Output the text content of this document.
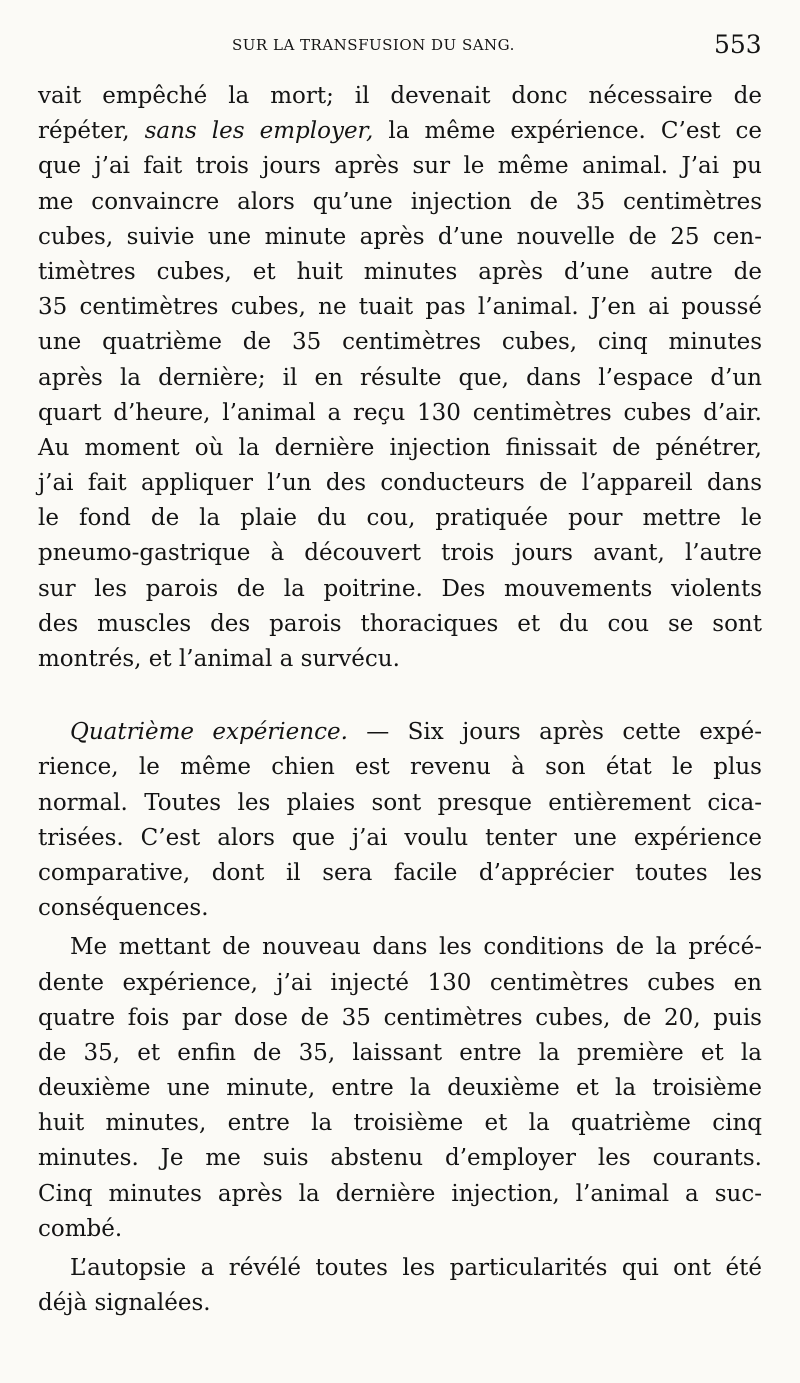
SUR LA TRANSFUSION DU SANG.	553
vait empêché la mort; il devenait donc nécessaire de
répéter, sans les employer, la même expérience. C’est ce
que j’ai fait trois jours après sur le même animal. J’ai pu
me convaincre alors qu’une injection de 35 centimètres
cubes, suivie une minute après d’une nouvelle de 25 cen-
timètres cubes, et huit minutes après d’une autre de
35 centimètres cubes, ne tuait pas l’animal. J’en ai poussé
une quatrième de 35 centimètres cubes, cinq minutes
après la dernière; il en résulte que, dans l’espace d’un
quart d’heure, l’animal a reçu 130 centimètres cubes d’air.
Au moment où la dernière injection finissait de pénétrer,
j’ai fait appliquer l’un des conducteurs de l’appareil dans
le fond de la plaie du cou, pratiquée pour mettre le
pneumo-gastrique à découvert trois jours avant, l’autre
sur les parois de la poitrine. Des mouvements violents
des muscles des parois thoraciques et du cou se sont
montrés, et l’animal a survécu.
Quatrième expérience. — Six jours après cette expé-
rience, le même chien est revenu à son état le plus
normal. Toutes les plaies sont presque entièrement cica-
trisées. C’est alors que j’ai voulu tenter une expérience
comparative, dont il sera facile d’apprécier toutes les
conséquences.
Me mettant de nouveau dans les conditions de la précé-
dente expérience, j’ai injecté 130 centimètres cubes en
quatre fois par dose de 35 centimètres cubes, de 20, puis
de 35, et enfin de 35, laissant entre la première et la
deuxième une minute, entre la deuxième et la troisième
huit minutes, entre la troisième et la quatrième cinq
minutes. Je me suis abstenu d’employer les courants.
Cinq minutes après la dernière injection, l’animal a suc-
combé.
L’autopsie a révélé toutes les particularités qui ont été
déjà signalées.
